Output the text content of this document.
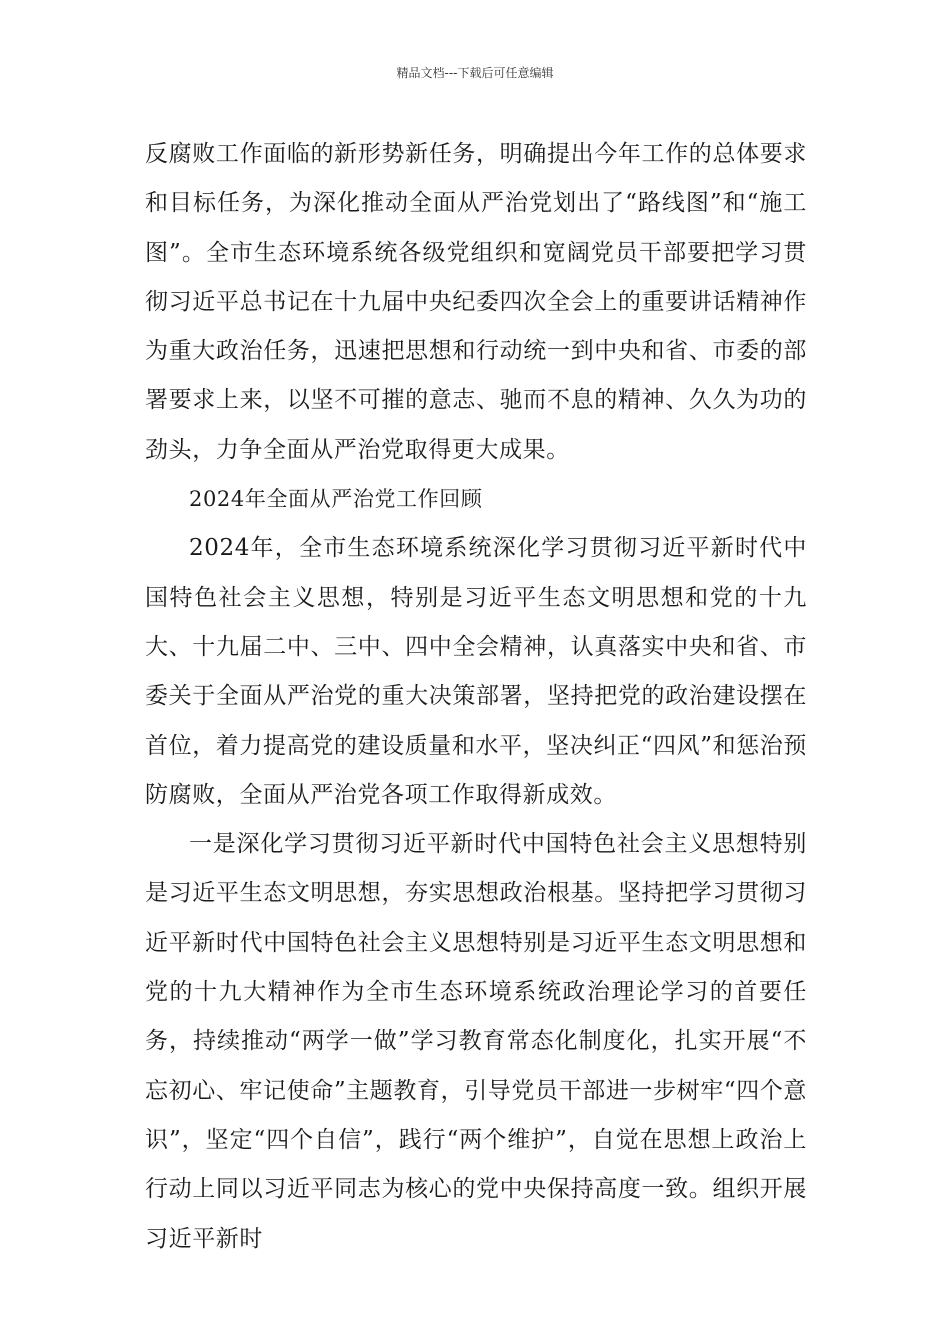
精品文档---下载后可任意编辑

反腐败工作面临的新形势新任务，明确提出今年工作的总体要求和目标任务，为深化推动全面从严治党划出了“路线图”和“施工图”。全市生态环境系统各级党组织和宽阔党员干部要把学习贯彻习近平总书记在十九届中央纪委四次全会上的重要讲话精神作为重大政治任务，迅速把思想和行动统一到中央和省、市委的部署要求上来，以坚不可摧的意志、驰而不息的精神、久久为功的劲头，力争全面从严治党取得更大成果。

2024年全面从严治党工作回顾

2024年，全市生态环境系统深化学习贯彻习近平新时代中国特色社会主义思想，特别是习近平生态文明思想和党的十九大、十九届二中、三中、四中全会精神，认真落实中央和省、市委关于全面从严治党的重大决策部署，坚持把党的政治建设摆在首位，着力提高党的建设质量和水平，坚决纠正“四风”和惩治预防腐败，全面从严治党各项工作取得新成效。

一是深化学习贯彻习近平新时代中国特色社会主义思想特别是习近平生态文明思想，夯实思想政治根基。坚持把学习贯彻习近平新时代中国特色社会主义思想特别是习近平生态文明思想和党的十九大精神作为全市生态环境系统政治理论学习的首要任务，持续推动“两学一做”学习教育常态化制度化，扎实开展“不忘初心、牢记使命”主题教育，引导党员干部进一步树牢“四个意识”，坚定“四个自信”，践行“两个维护”，自觉在思想上政治上行动上同以习近平同志为核心的党中央保持高度一致。组织开展习近平新时
